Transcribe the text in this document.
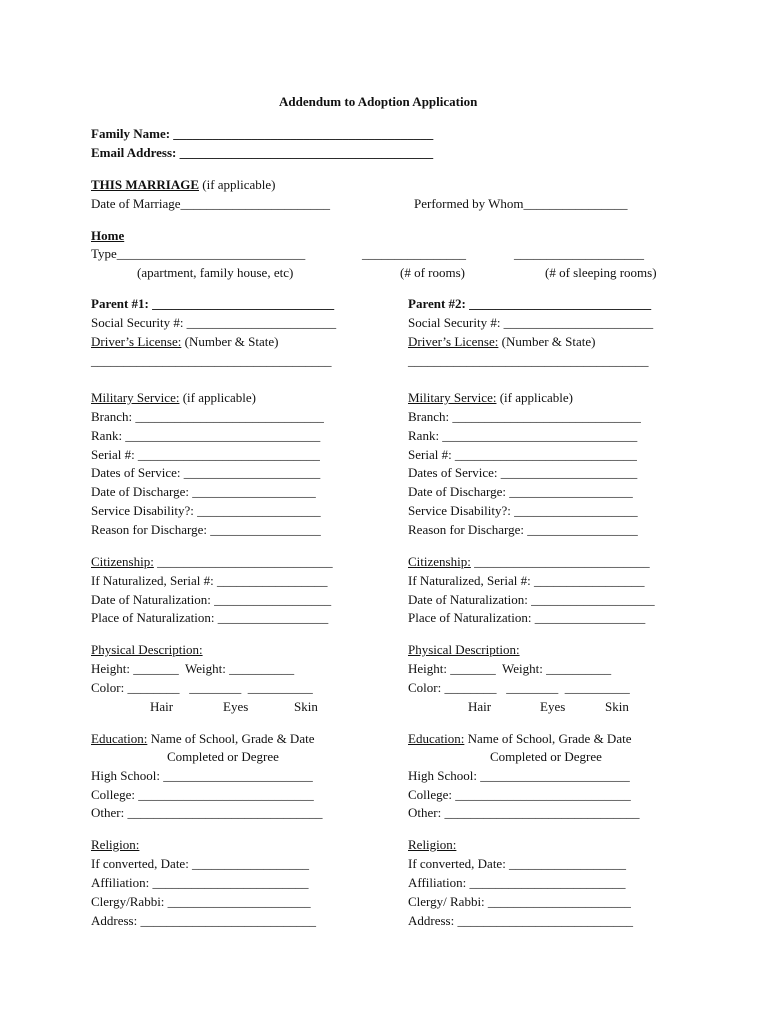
Addendum to Adoption Application
Family Name: ________________________________________
Email Address: _______________________________________
THIS MARRIAGE (if applicable)
Date of Marriage_______________________	Performed by Whom________________
Home
Type_____________________________	________________	____________________
(apartment, family house, etc)	(# of rooms)	(# of sleeping rooms)
Parent #1: ____________________________
Social Security #: _______________________
Driver’s License: (Number & State)
_____________________________________
Military Service: (if applicable)
Branch: _____________________________
Rank: ______________________________
Serial #: ____________________________
Dates of Service: _____________________
Date of Discharge: ___________________
Service Disability?: ___________________
Reason for Discharge: _________________
Citizenship: ___________________________
If Naturalized, Serial #: _________________
Date of Naturalization: __________________
Place of Naturalization: _________________
Physical Description:
Height: _______  Weight: __________
Color: ________   ________  __________
Hair	Eyes	Skin
Education: Name of School, Grade & Date
Completed or Degree
High School: _______________________
College: ___________________________
Other: ______________________________
Religion:
If converted, Date: __________________
Affiliation: ________________________
Clergy/Rabbi: ______________________
Address: ___________________________
Parent #2: ____________________________
Social Security #: _______________________
Driver’s License: (Number & State)
_____________________________________
Military Service: (if applicable)
Branch: _____________________________
Rank: ______________________________
Serial #: ____________________________
Dates of Service: _____________________
Date of Discharge: ___________________
Service Disability?: ___________________
Reason for Discharge: _________________
Citizenship: ___________________________
If Naturalized, Serial #: _________________
Date of Naturalization: ___________________
Place of Naturalization: _________________
Physical Description:
Height: _______  Weight: __________
Color: ________   ________  __________
Hair	Eyes	Skin
Education: Name of School, Grade & Date
Completed or Degree
High School: _______________________
College: ___________________________
Other: ______________________________
Religion:
If converted, Date: __________________
Affiliation: ________________________
Clergy/ Rabbi: ______________________
Address: ___________________________
